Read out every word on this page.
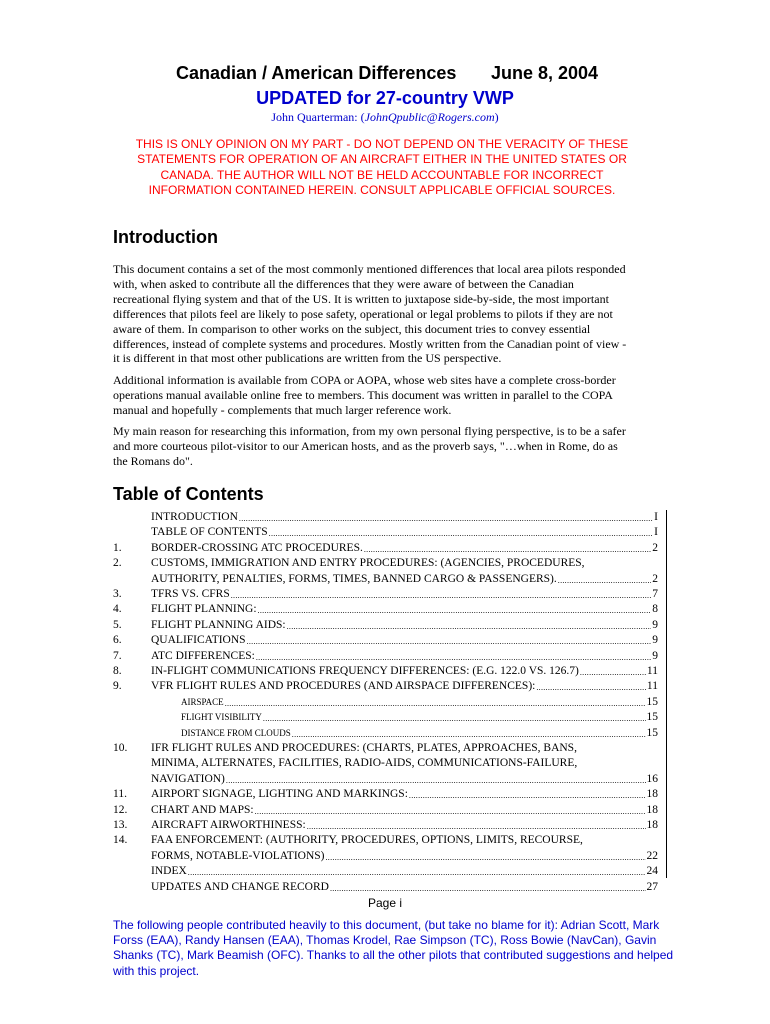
Canadian / American Differences June 8, 2004
UPDATED for 27-country VWP
John Quarterman: (JohnQpublic@Rogers.com)
THIS IS ONLY OPINION ON MY PART - DO NOT DEPEND ON THE VERACITY OF THESE
STATEMENTS FOR OPERATION OF AN AIRCRAFT EITHER IN THE UNITED STATES OR
CANADA. THE AUTHOR WILL NOT BE HELD ACCOUNTABLE FOR INCORRECT
INFORMATION CONTAINED HEREIN. CONSULT APPLICABLE OFFICIAL SOURCES.
Introduction
This document contains a set of the most commonly mentioned differences that local area pilots responded
with, when asked to contribute all the differences that they were aware of between the Canadian
recreational flying system and that of the US. It is written to juxtapose side-by-side, the most important
differences that pilots feel are likely to pose safety, operational or legal problems to pilots if they are not
aware of them. In comparison to other works on the subject, this document tries to convey essential
differences, instead of complete systems and procedures. Mostly written from the Canadian point of view -
it is different in that most other publications are written from the US perspective.
Additional information is available from COPA or AOPA, whose web sites have a complete cross-border
operations manual available online free to members. This document was written in parallel to the COPA
manual and hopefully - complements that much larger reference work.
My main reason for researching this information, from my own personal flying perspective, is to be a safer
and more courteous pilot-visitor to our American hosts, and as the proverb says, "…when in Rome, do as
the Romans do".
Table of Contents
INTRODUCTION .....	I
TABLE OF CONTENTS .....	I
1.	BORDER-CROSSING ATC PROCEDURES. .....	2
2.	CUSTOMS, IMMIGRATION AND ENTRY PROCEDURES: (AGENCIES, PROCEDURES,
AUTHORITY, PENALTIES, FORMS, TIMES, BANNED CARGO & PASSENGERS). .....	2
3.	TFRS VS. CFRS .....	7
4.	FLIGHT PLANNING: .....	8
5.	FLIGHT PLANNING AIDS: .....	9
6.	QUALIFICATIONS .....	9
7.	ATC DIFFERENCES: .....	9
8.	IN-FLIGHT COMMUNICATIONS FREQUENCY DIFFERENCES: (E.G. 122.0 VS. 126.7) .....	11
9.	VFR FLIGHT RULES AND PROCEDURES (AND AIRSPACE DIFFERENCES): .....	11
AIRSPACE .....	15
FLIGHT VISIBILITY .....	15
DISTANCE FROM CLOUDS .....	15
10.	IFR FLIGHT RULES AND PROCEDURES: (CHARTS, PLATES, APPROACHES, BANS,
MINIMA, ALTERNATES, FACILITIES, RADIO-AIDS, COMMUNICATIONS-FAILURE,
NAVIGATION) .....	16
11.	AIRPORT SIGNAGE, LIGHTING AND MARKINGS: .....	18
12.	CHART AND MAPS: .....	18
13.	AIRCRAFT AIRWORTHINESS: .....	18
14.	FAA ENFORCEMENT: (AUTHORITY, PROCEDURES, OPTIONS, LIMITS, RECOURSE,
FORMS, NOTABLE-VIOLATIONS) .....	22
INDEX .....	24
UPDATES AND CHANGE RECORD .....	27
Page i
The following people contributed heavily to this document, (but take no blame for it): Adrian Scott, Mark
Forss (EAA), Randy Hansen (EAA), Thomas Krodel, Rae Simpson (TC), Ross Bowie (NavCan), Gavin
Shanks (TC), Mark Beamish (OFC). Thanks to all the other pilots that contributed suggestions and helped
with this project.
